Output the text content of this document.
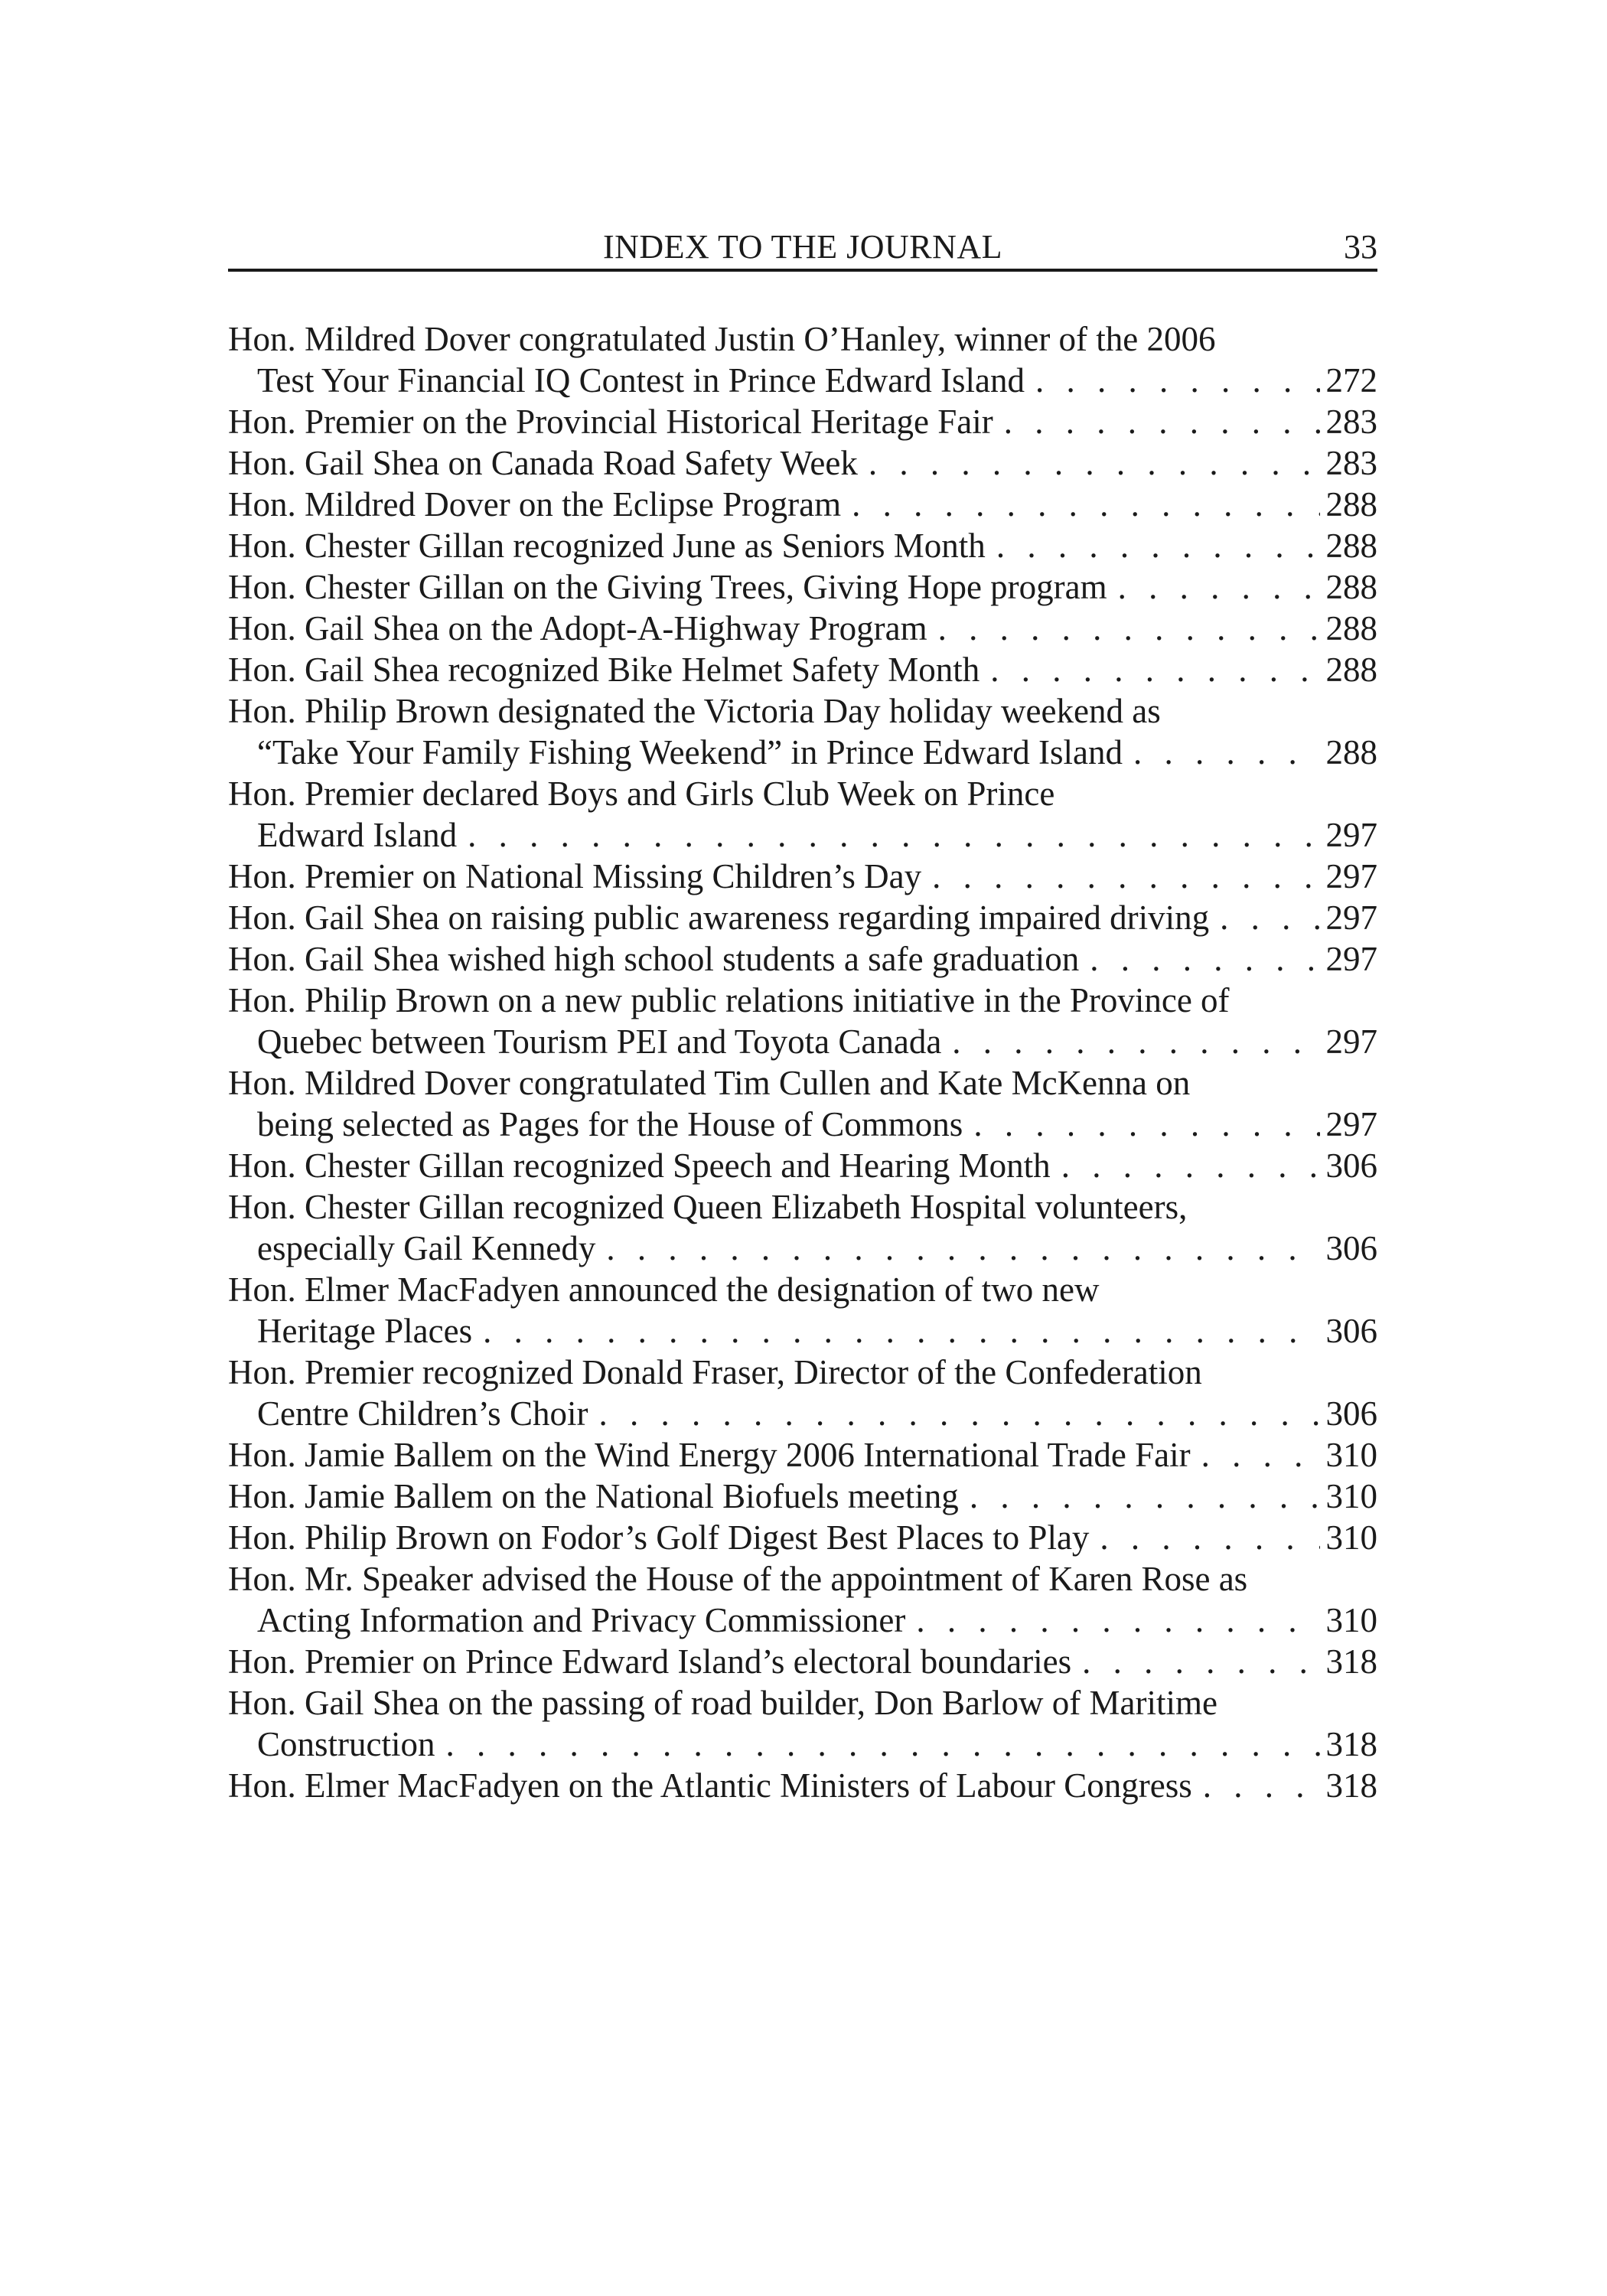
INDEX TO THE JOURNAL	33
Hon. Mildred Dover congratulated Justin O’Hanley, winner of the 2006
Test Your Financial IQ Contest in Prince Edward Island . . .	272
Hon. Premier on the Provincial Historical Heritage Fair . . .	283
Hon. Gail Shea on Canada Road Safety Week . . .	283
Hon. Mildred Dover on the Eclipse Program . . .	288
Hon. Chester Gillan recognized June as Seniors Month . . .	288
Hon. Chester Gillan on the Giving Trees, Giving Hope program . . .	288
Hon. Gail Shea on the Adopt-A-Highway Program . . .	288
Hon. Gail Shea recognized Bike Helmet Safety Month . . .	288
Hon. Philip Brown designated the Victoria Day holiday weekend as
“Take Your Family Fishing Weekend” in Prince Edward Island . . .	288
Hon. Premier declared Boys and Girls Club Week on Prince
Edward Island . . .	297
Hon. Premier on National Missing Children’s Day . . .	297
Hon. Gail Shea on raising public awareness regarding impaired driving . . .	297
Hon. Gail Shea wished high school students a safe graduation . . .	297
Hon. Philip Brown on a new public relations initiative in the Province of
Quebec between Tourism PEI and Toyota Canada . . .	297
Hon. Mildred Dover congratulated Tim Cullen and Kate McKenna on
being selected as Pages for the House of Commons . . .	297
Hon. Chester Gillan recognized Speech and Hearing Month . . .	306
Hon. Chester Gillan recognized Queen Elizabeth Hospital volunteers,
especially Gail Kennedy . . .	306
Hon. Elmer MacFadyen announced the designation of two new
Heritage Places . . .	306
Hon. Premier recognized Donald Fraser, Director of the Confederation
Centre Children’s Choir . . .	306
Hon. Jamie Ballem on the Wind Energy 2006 International Trade Fair . . .	310
Hon. Jamie Ballem on the National Biofuels meeting . . .	310
Hon. Philip Brown on Fodor’s Golf Digest Best Places to Play . . .	310
Hon. Mr. Speaker advised the House of the appointment of Karen Rose as
Acting Information and Privacy Commissioner . . .	310
Hon. Premier on Prince Edward Island’s electoral boundaries . . .	318
Hon. Gail Shea on the passing of road builder, Don Barlow of Maritime
Construction . . .	318
Hon. Elmer MacFadyen on the Atlantic Ministers of Labour Congress . . .	318
